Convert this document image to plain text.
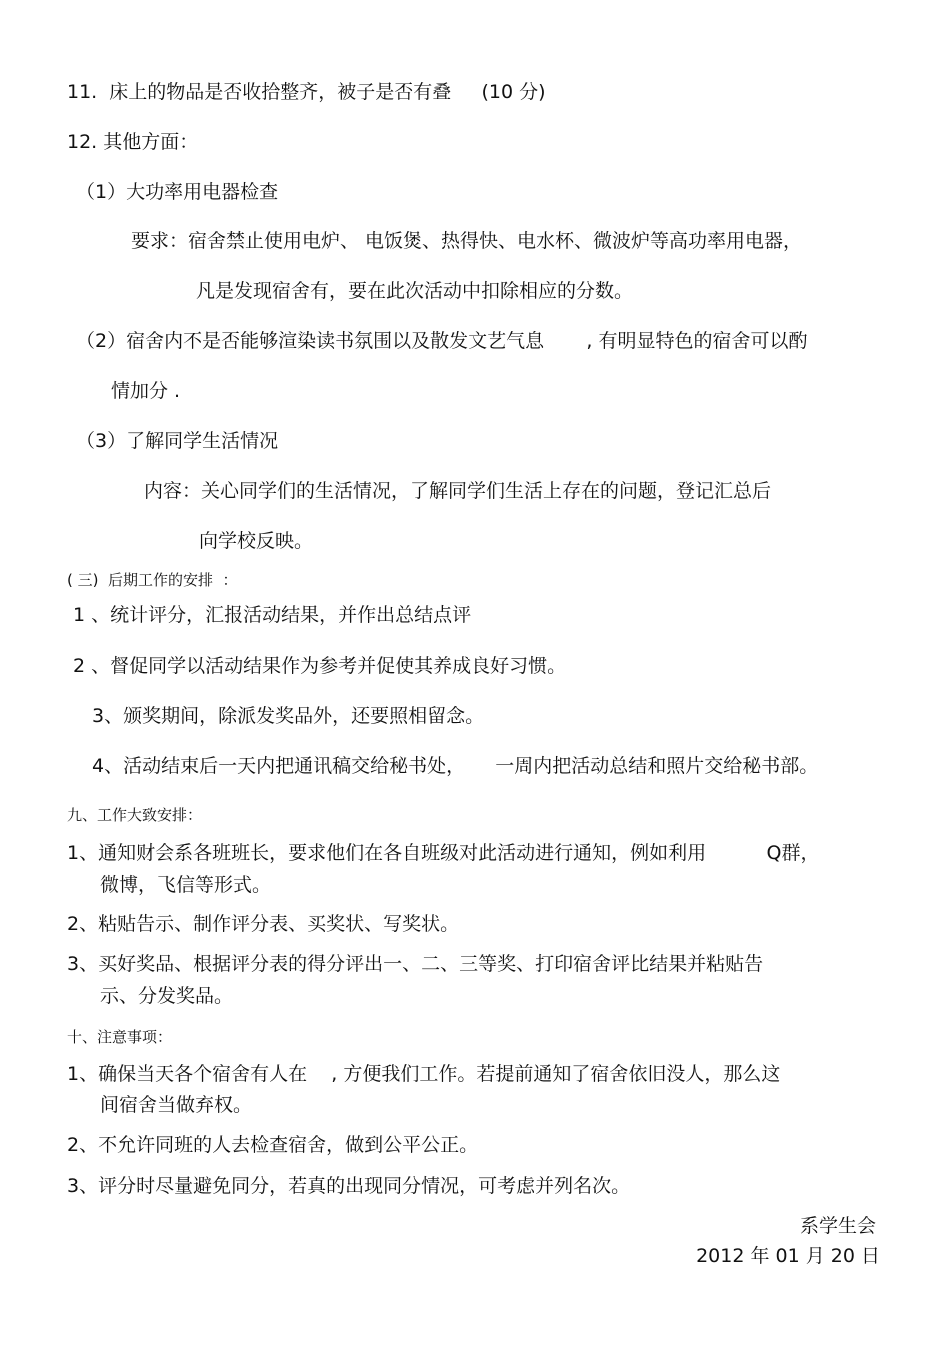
11.  床上的物品是否收拾整齐，被子是否有叠     (10 分)
12. 其他方面：
（1）大功率用电器检查
要求：宿舍禁止使用电炉、 电饭煲、热得快、电水杯、微波炉等高功率用电器，
凡是发现宿舍有，要在此次活动中扣除相应的分数。
（2）宿舍内不是否能够渲染读书氛围以及散发文艺气息       , 有明显特色的宿舍可以酌
情加分 .
（3）了解同学生活情况
内容：关心同学们的生活情况，了解同学们生活上存在的问题，登记汇总后
向学校反映。
( 三)  后期工作的安排  ：
1 、统计评分，汇报活动结果，并作出总结点评
2 、督促同学以活动结果作为参考并促使其养成良好习惯。
3、颁奖期间，除派发奖品外，还要照相留念。
4、活动结束后一天内把通讯稿交给秘书处，     一周内把活动总结和照片交给秘书部。
九、工作大致安排：
1、通知财会系各班班长，要求他们在各自班级对此活动进行通知，例如利用          Q群，
微博，飞信等形式。
2、粘贴告示、制作评分表、买奖状、写奖状。
3、买好奖品、根据评分表的得分评出一、二、三等奖、打印宿舍评比结果并粘贴告
示、分发奖品。
十、注意事项：
1、确保当天各个宿舍有人在    , 方便我们工作。若提前通知了宿舍依旧没人，那么这
间宿舍当做弃权。
2、不允许同班的人去检查宿舍，做到公平公正。
3、评分时尽量避免同分，若真的出现同分情况，可考虑并列名次。
系学生会
2012 年 01 月 20 日
